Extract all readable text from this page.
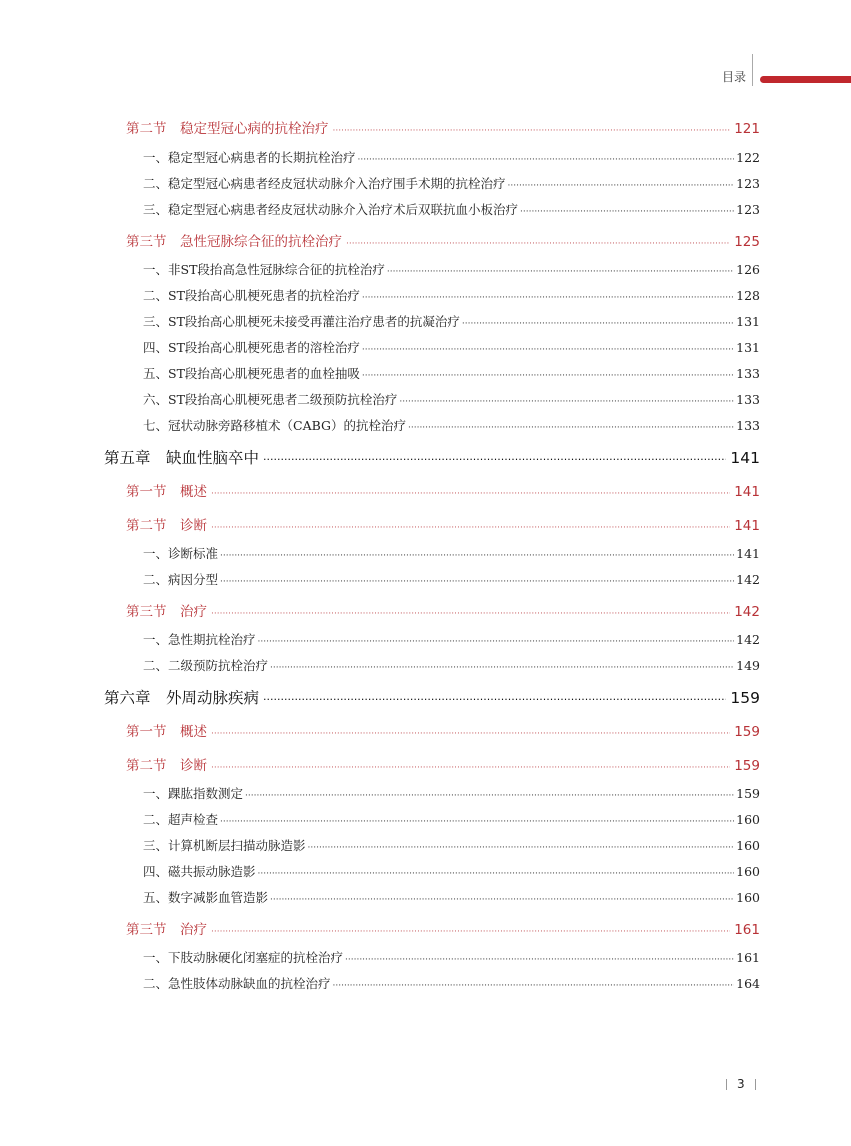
目录
第二节　稳定型冠心病的抗栓治疗 ·····	121
一、稳定型冠心病患者的长期抗栓治疗 ·····	122
二、稳定型冠心病患者经皮冠状动脉介入治疗围手术期的抗栓治疗 ·····	123
三、稳定型冠心病患者经皮冠状动脉介入治疗术后双联抗血小板治疗 ·····	123
第三节　急性冠脉综合征的抗栓治疗 ·····	125
一、非ST段抬高急性冠脉综合征的抗栓治疗 ·····	126
二、ST段抬高心肌梗死患者的抗栓治疗 ·····	128
三、ST段抬高心肌梗死未接受再灌注治疗患者的抗凝治疗 ·····	131
四、ST段抬高心肌梗死患者的溶栓治疗 ·····	131
五、ST段抬高心肌梗死患者的血栓抽吸 ·····	133
六、ST段抬高心肌梗死患者二级预防抗栓治疗 ·····	133
七、冠状动脉旁路移植术（CABG）的抗栓治疗 ·····	133
第五章　缺血性脑卒中 ·····	141
第一节　概述 ·····	141
第二节　诊断 ·····	141
一、诊断标准 ·····	141
二、病因分型 ·····	142
第三节　治疗 ·····	142
一、急性期抗栓治疗 ·····	142
二、二级预防抗栓治疗 ·····	149
第六章　外周动脉疾病 ·····	159
第一节　概述 ·····	159
第二节　诊断 ·····	159
一、踝肱指数测定 ·····	159
二、超声检查 ·····	160
三、计算机断层扫描动脉造影 ·····	160
四、磁共振动脉造影 ·····	160
五、数字减影血管造影 ·····	160
第三节　治疗 ·····	161
一、下肢动脉硬化闭塞症的抗栓治疗 ·····	161
二、急性肢体动脉缺血的抗栓治疗 ·····	164
3
